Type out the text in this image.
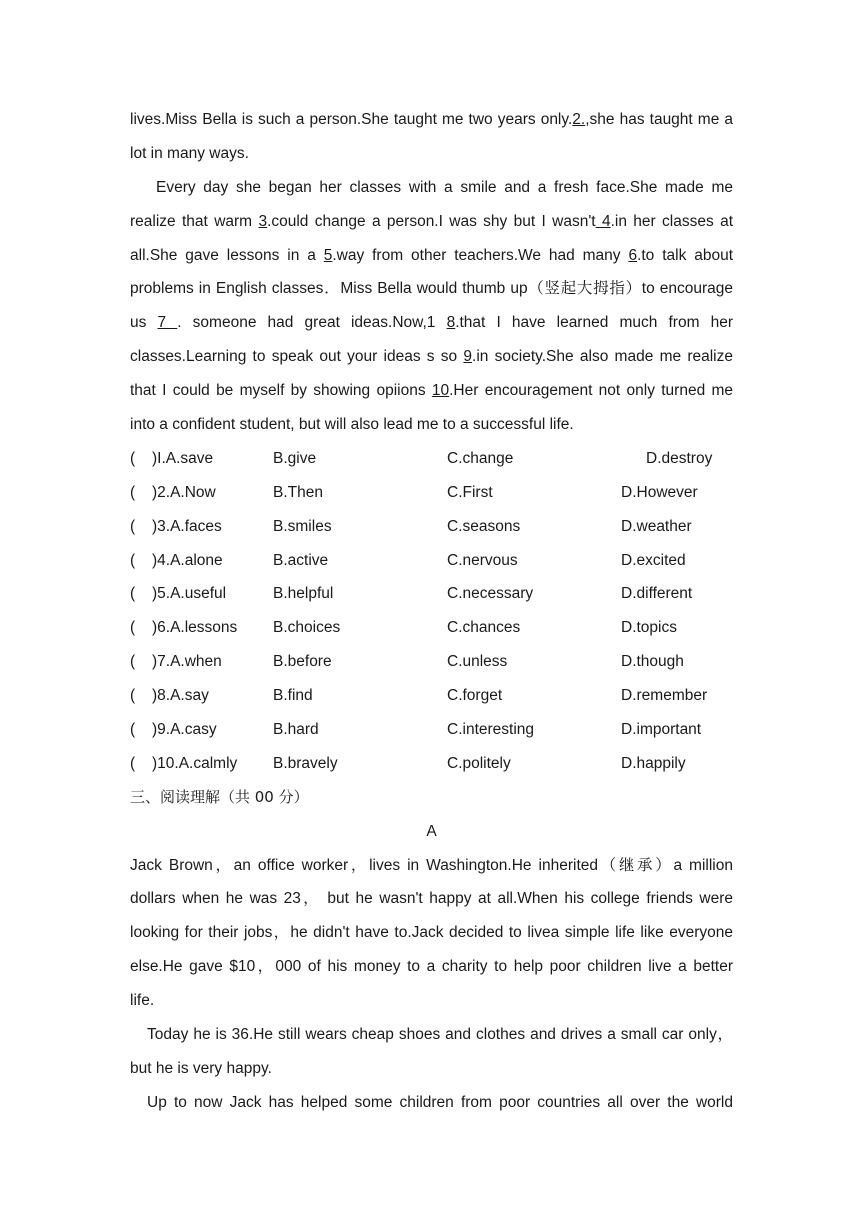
lives.Miss Bella is such a person.She taught me two years only.2.,she has taught me a
lot in many ways.
Every day she began her classes with a smile and a fresh face.She made me
realize that warm 3.could change a person.I was shy but I wasn't 4.in her classes at
all.She gave lessons in a 5.way from other teachers.We had many 6.to talk about
problems in English classes．Miss Bella would thumb up（竖起大拇指）to encourage
us 7 . someone had great ideas.Now,1 8.that I have learned much from her
classes.Learning to speak out your ideas s so 9.in society.She also made me realize
that I could be myself by showing opiions 10.Her encouragement not only turned me
into a confident student, but will also lead me to a successful life.
( )I.A.save	B.give	C.change	D.destroy
( )2.A.Now	B.Then	C.First	D.However
( )3.A.faces	B.smiles	C.seasons	D.weather
( )4.A.alone	B.active	C.nervous	D.excited
( )5.A.useful	B.helpful	C.necessary	D.different
( )6.A.lessons B.choices	C.chances	D.topics
( )7.A.when	B.before	C.unless	D.though
( )8.A.say	B.find	C.forget	D.remember
( )9.A.casy	B.hard	C.interesting	D.important
( )10.A.calmly B.bravely	C.politely	D.happily
三、阅读理解（共 00 分）
A
Jack Brown，an office worker，lives in Washington.He inherited（继承）a million
dollars when he was 23， but he wasn't happy at all.When his college friends were
looking for their jobs，he didn't have to.Jack decided to livea simple life like everyone
else.He gave $10，000 of his money to a charity to help poor children live a better
life.
Today he is 36.He still wears cheap shoes and clothes and drives a small car only，
but he is very happy.
Up to now Jack has helped some children from poor countries all over the world
